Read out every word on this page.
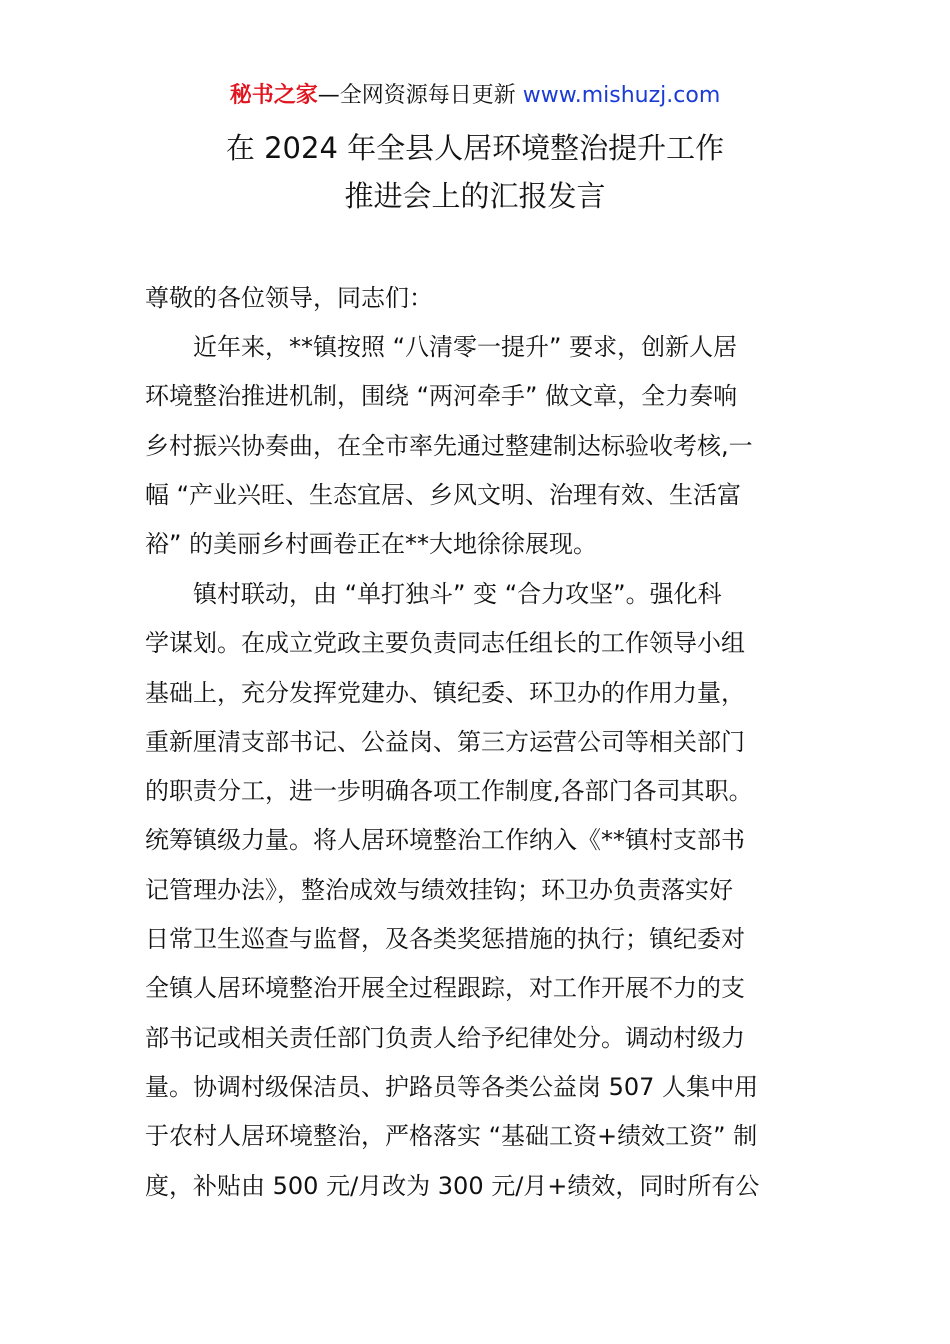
秘书之家—全网资源每日更新 www.mishuzj.com
在 2024 年全县人居环境整治提升工作
推进会上的汇报发言
尊敬的各位领导，同志们：
近年来，**镇按照 “八清零一提升” 要求，创新人居
环境整治推进机制，围绕 “两河牵手” 做文章，全力奏响
乡村振兴协奏曲，在全市率先通过整建制达标验收考核,一
幅 “产业兴旺、生态宜居、乡风文明、治理有效、生活富
裕” 的美丽乡村画卷正在**大地徐徐展现。
镇村联动，由 “单打独斗” 变 “合力攻坚”。强化科
学谋划。在成立党政主要负责同志任组长的工作领导小组
基础上，充分发挥党建办、镇纪委、环卫办的作用力量，
重新厘清支部书记、公益岗、第三方运营公司等相关部门
的职责分工，进一步明确各项工作制度,各部门各司其职。
统筹镇级力量。将人居环境整治工作纳入《**镇村支部书
记管理办法》，整治成效与绩效挂钩；环卫办负责落实好
日常卫生巡查与监督，及各类奖惩措施的执行；镇纪委对
全镇人居环境整治开展全过程跟踪，对工作开展不力的支
部书记或相关责任部门负责人给予纪律处分。调动村级力
量。协调村级保洁员、护路员等各类公益岗 507 人集中用
于农村人居环境整治，严格落实 “基础工资+绩效工资” 制
度，补贴由 500 元/月改为 300 元/月+绩效，同时所有公
